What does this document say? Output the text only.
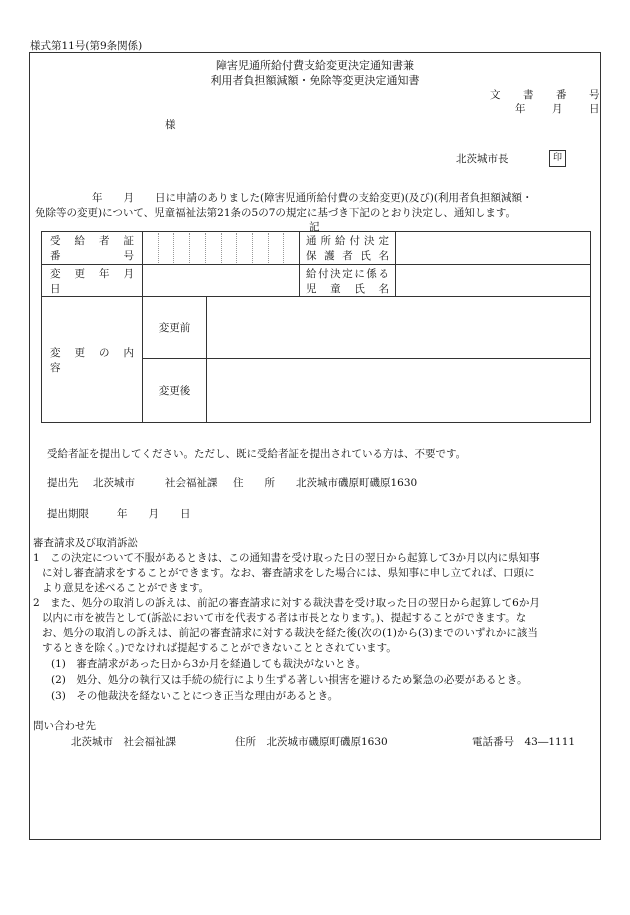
様式第11号(第9条関係)
障害児通所給付費支給変更決定通知書兼
利用者負担額減額・免除等変更決定通知書
文　書　番　号
年　月　日
様
北茨城市長	印
年　　月　　日に申請のありました(障害児通所給付費の支給変更)(及び)(利用者負担額減額・
免除等の変更)について、児童福祉法第21条の5の7の規定に基づき下記のとおり決定し、通知します。
記
受　給　者　証
番　　　　　号			通所給付決定
保護者氏名	

変　更　年　月　日			給付決定に係る
児　童　氏　名	

変　更　の　内　容	変更前			
	変更後			
受給者証を提出してください。ただし、既に受給者証を提出されている方は、不要です。
提出先 北茨城市	社会福祉課 住　　所 北茨城市磯原町磯原1630
提出期限	年　　月　　日
審査請求及び取消訴訟
1　この決定について不服があるときは、この通知書を受け取った日の翌日から起算して3か月以内に県知事
に対し審査請求をすることができます。なお、審査請求をした場合には、県知事に申し立てれば、口頭に
より意見を述べることができます。
2　また、処分の取消しの訴えは、前記の審査請求に対する裁決書を受け取った日の翌日から起算して6か月
以内に市を被告として(訴訟において市を代表する者は市長となります。)、提起することができます。な
お、処分の取消しの訴えは、前記の審査請求に対する裁決を経た後(次の(1)から(3)までのいずれかに該当
するときを除く。)でなければ提起することができないこととされています。
(1)　審査請求があった日から3か月を経過しても裁決がないとき。
(2)　処分、処分の執行又は手続の続行により生ずる著しい損害を避けるため緊急の必要があるとき。
(3)　その他裁決を経ないことにつき正当な理由があるとき。
問い合わせ先
北茨城市　社会福祉課	住所　北茨城市磯原町磯原1630	電話番号　43―1111
